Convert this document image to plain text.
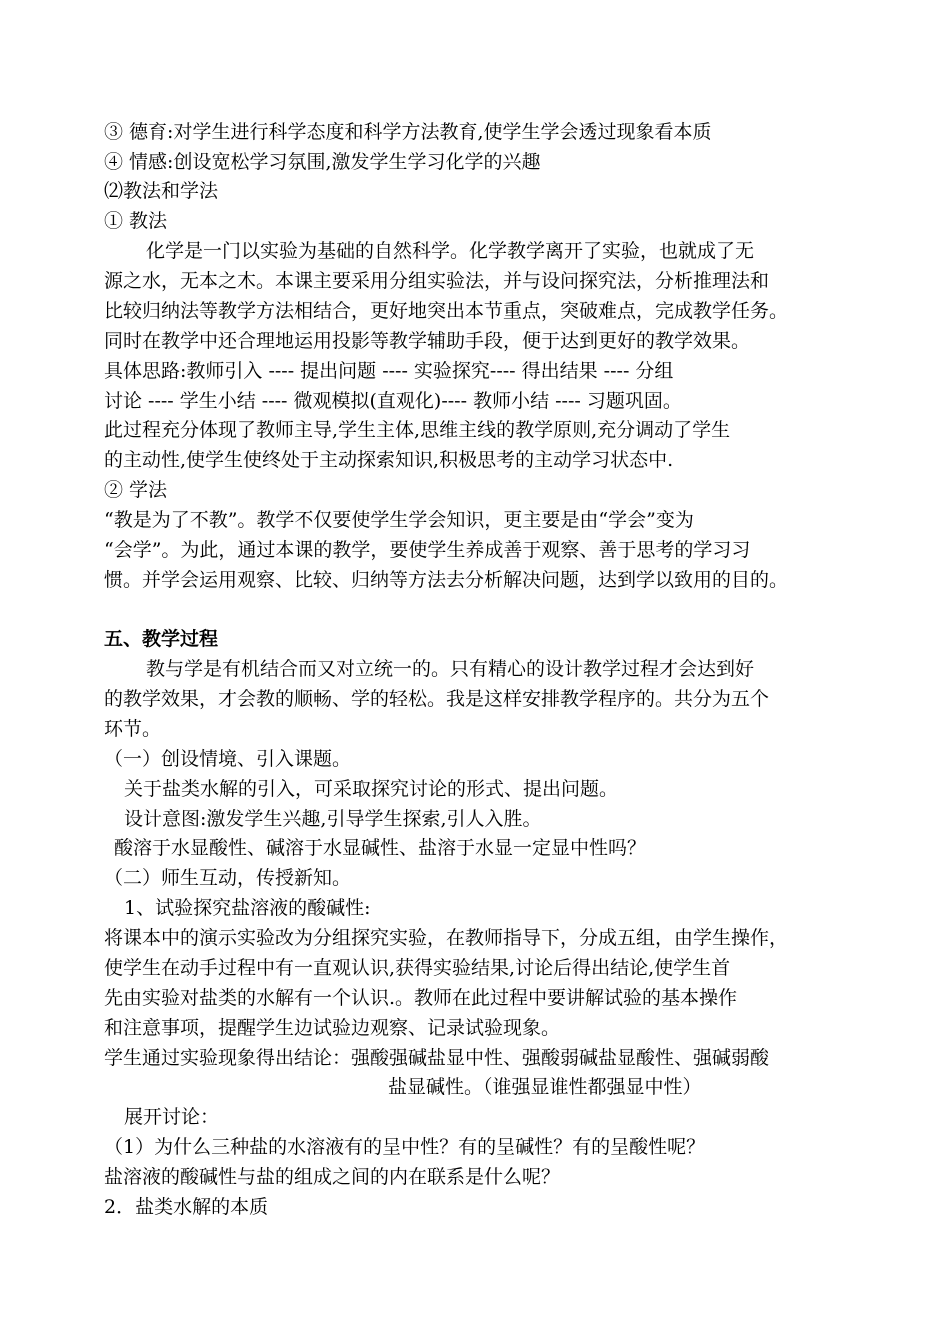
③ 德育:对学生进行科学态度和科学方法教育,使学生学会透过现象看本质
④ 情感:创设宽松学习氛围,激发学生学习化学的兴趣
⑵教法和学法
① 教法
化学是一门以实验为基础的自然科学。化学教学离开了实验，也就成了无
源之水，无本之木。本课主要采用分组实验法，并与设问探究法，分析推理法和
比较归纳法等教学方法相结合，更好地突出本节重点，突破难点，完成教学任务。
同时在教学中还合理地运用投影等教学辅助手段，便于达到更好的教学效果。
具体思路:教师引入 ---- 提出问题 ---- 实验探究---- 得出结果 ---- 分组
讨论 ---- 学生小结 ---- 微观模拟(直观化)---- 教师小结 ---- 习题巩固。
此过程充分体现了教师主导,学生主体,思维主线的教学原则,充分调动了学生
的主动性,使学生使终处于主动探索知识,积极思考的主动学习状态中.
② 学法
“教是为了不教”。教学不仅要使学生学会知识，更主要是由“学会”变为
“会学”。为此，通过本课的教学，要使学生养成善于观察、善于思考的学习习
惯。并学会运用观察、比较、归纳等方法去分析解决问题，达到学以致用的目的。
五、教学过程
教与学是有机结合而又对立统一的。只有精心的设计教学过程才会达到好
的教学效果，才会教的顺畅、学的轻松。我是这样安排教学程序的。共分为五个
环节。
（一）创设情境、引入课题。
关于盐类水解的引入，可采取探究讨论的形式、提出问题。
设计意图:激发学生兴趣,引导学生探索,引人入胜。
酸溶于水显酸性、碱溶于水显碱性、盐溶于水显一定显中性吗？
（二）师生互动，传授新知。
1、试验探究盐溶液的酸碱性:
将课本中的演示实验改为分组探究实验，在教师指导下，分成五组，由学生操作，
使学生在动手过程中有一直观认识,获得实验结果,讨论后得出结论,使学生首
先由实验对盐类的水解有一个认识.。教师在此过程中要讲解试验的基本操作
和注意事项，提醒学生边试验边观察、记录试验现象。
学生通过实验现象得出结论：强酸强碱盐显中性、强酸弱碱盐显酸性、强碱弱酸
盐显碱性。（谁强显谁性都强显中性）
展开讨论：
（1）为什么三种盐的水溶液有的呈中性？有的呈碱性？有的呈酸性呢？
盐溶液的酸碱性与盐的组成之间的内在联系是什么呢？
2．盐类水解的本质
